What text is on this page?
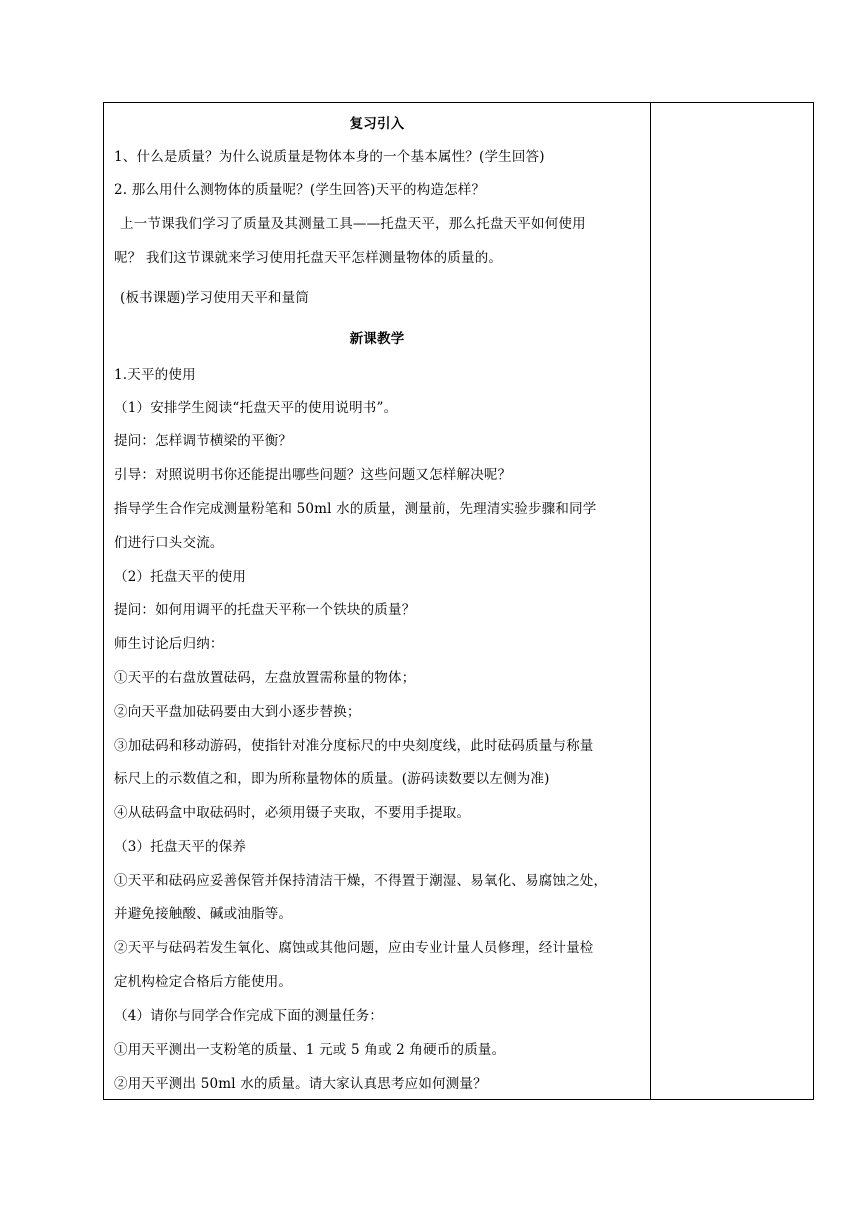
复习引入
1、什么是质量？为什么说质量是物体本身的一个基本属性？(学生回答)
2. 那么用什么测物体的质量呢？(学生回答)天平的构造怎样？
上一节课我们学习了质量及其测量工具——托盘天平，那么托盘天平如何使用
呢？ 我们这节课就来学习使用托盘天平怎样测量物体的质量的。
(板书课题)学习使用天平和量筒
新课教学
1.天平的使用
（1）安排学生阅读“托盘天平的使用说明书”。
提问：怎样调节横梁的平衡？
引导：对照说明书你还能提出哪些问题？这些问题又怎样解决呢？
指导学生合作完成测量粉笔和 50ml 水的质量，测量前，先理清实验步骤和同学
们进行口头交流。
（2）托盘天平的使用
提问：如何用调平的托盘天平称一个铁块的质量？
师生讨论后归纳：
①天平的右盘放置砝码，左盘放置需称量的物体；
②向天平盘加砝码要由大到小逐步替换；
③加砝码和移动游码，使指针对准分度标尺的中央刻度线，此时砝码质量与称量
标尺上的示数值之和，即为所称量物体的质量。(游码读数要以左侧为准)
④从砝码盒中取砝码时，必须用镊子夹取，不要用手提取。
（3）托盘天平的保养
①天平和砝码应妥善保管并保持清洁干燥，不得置于潮湿、易氧化、易腐蚀之处，
并避免接触酸、碱或油脂等。
②天平与砝码若发生氧化、腐蚀或其他问题，应由专业计量人员修理，经计量检
定机构检定合格后方能使用。
（4）请你与同学合作完成下面的测量任务：
①用天平测出一支粉笔的质量、1 元或 5 角或 2 角硬币的质量。
②用天平测出 50ml 水的质量。请大家认真思考应如何测量？
